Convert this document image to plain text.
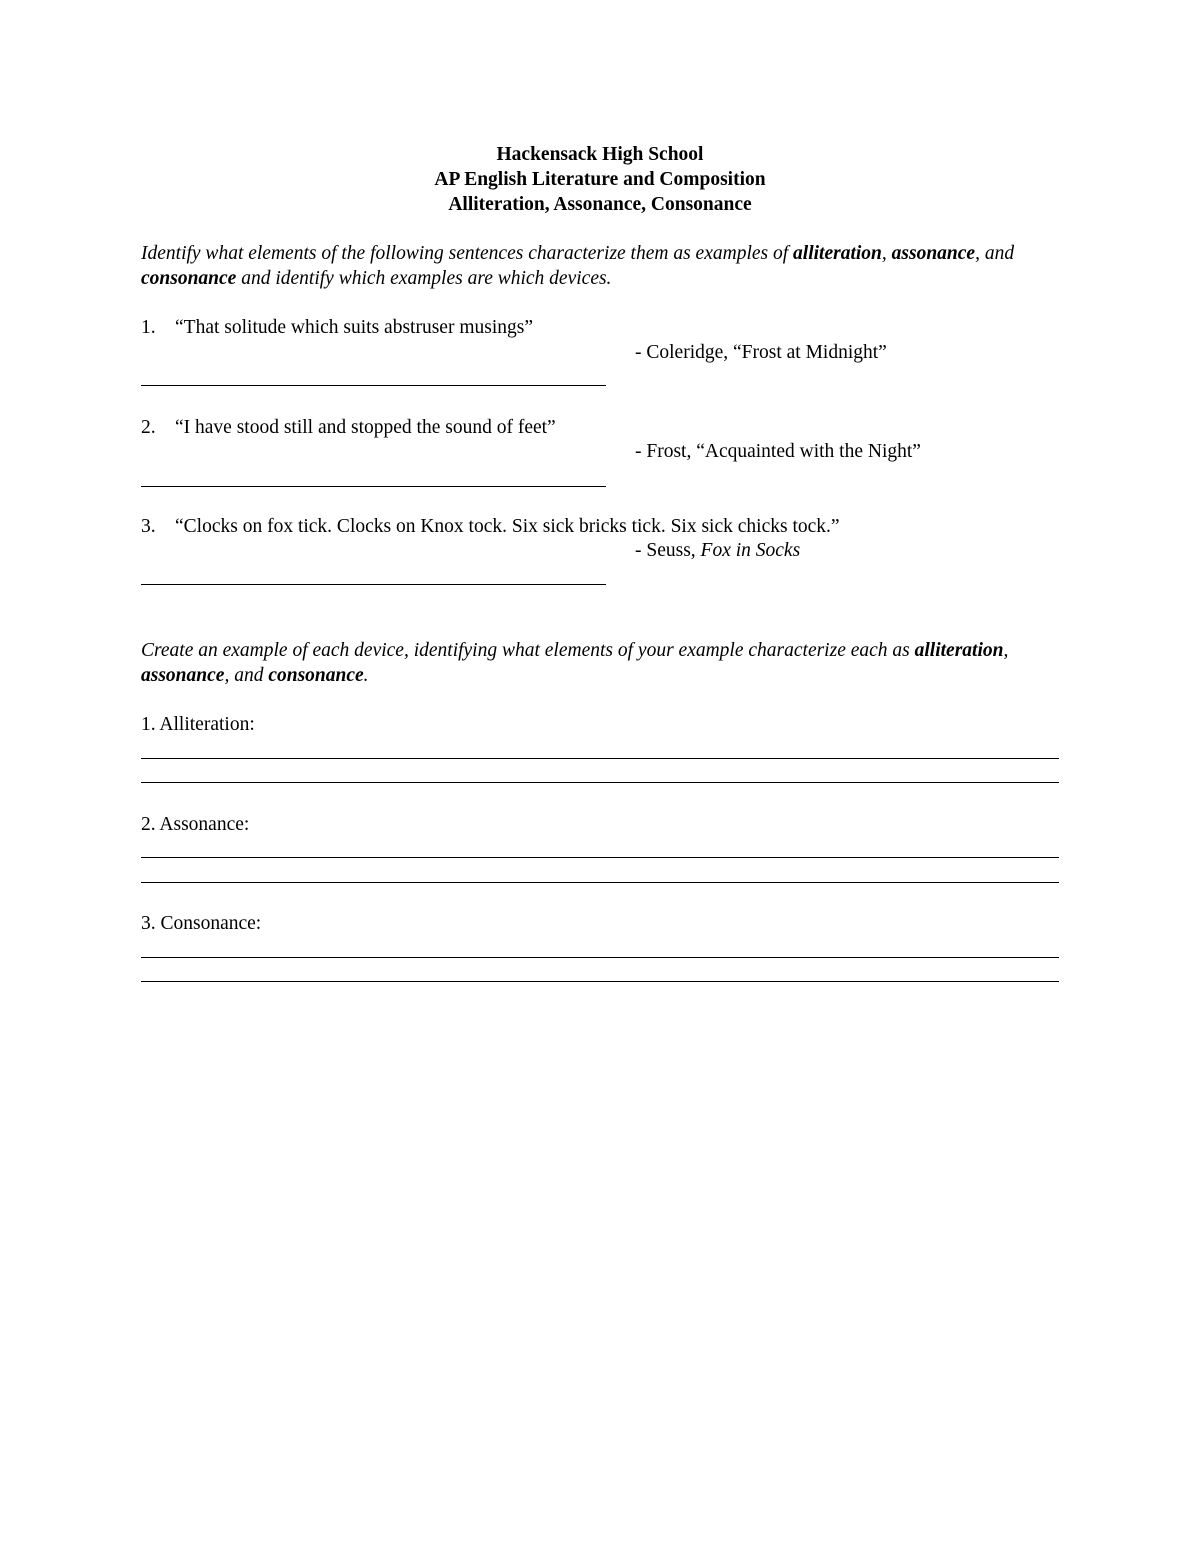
Hackensack High School
AP English Literature and Composition
Alliteration, Assonance, Consonance
Identify what elements of the following sentences characterize them as examples of alliteration, assonance, and consonance and identify which examples are which devices.
1. “That solitude which suits abstruser musings”
- Coleridge, “Frost at Midnight”
2. “I have stood still and stopped the sound of feet”
- Frost, “Acquainted with the Night”
3. “Clocks on fox tick. Clocks on Knox tock. Six sick bricks tick. Six sick chicks tock.”
- Seuss, Fox in Socks
Create an example of each device, identifying what elements of your example characterize each as alliteration, assonance, and consonance.
1. Alliteration:
2. Assonance:
3. Consonance:
